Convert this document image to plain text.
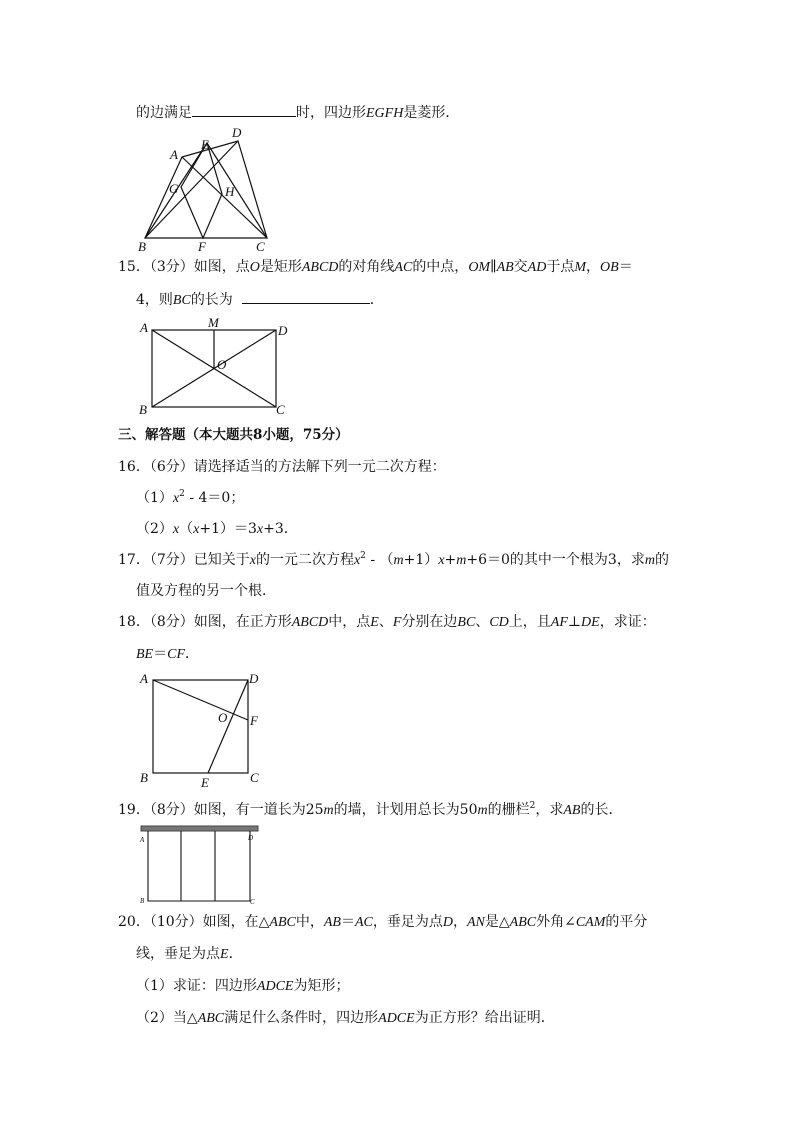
的边满足	时，四边形EGFH是菱形．
A
E
D
G	H
B	F	C
15．（3分）如图，点O是矩形ABCD的对角线AC的中点，OM∥AB交AD于点M，OB＝
4，则BC的长为	．
A	M
D
O
B	C
三、解答题（本大题共8小题，75分）
16．（6分）请选择适当的方法解下列一元二次方程：
$(1)x^2 - 4=0$；
（2）x（x+1）＝3x+3．
17．（7分）已知关于x的一元二次方程$x^2 - (m+1)x+m+6=0$的其中一个根为3，求m的
值及方程的另一个根．
18．（8分）如图，在正方形ABCD中，点E、F分别在边BC、CD上，且AF⊥DE，求证：
BE＝CF．
A	D
O F
B	E	C
19．（8分）如图，有一道长为25m的墙，计划用总长为50m的栅栏$^2$，求AB的长．
A	D
B	C
20．（10分）如图，在△ABC中，AB＝AC，垂足为点D，AN是△ABC外角∠CAM的平分
线，垂足为点E．
（1）求证：四边形ADCE为矩形；
（2）当△ABC满足什么条件时，四边形ADCE为正方形？给出证明．
